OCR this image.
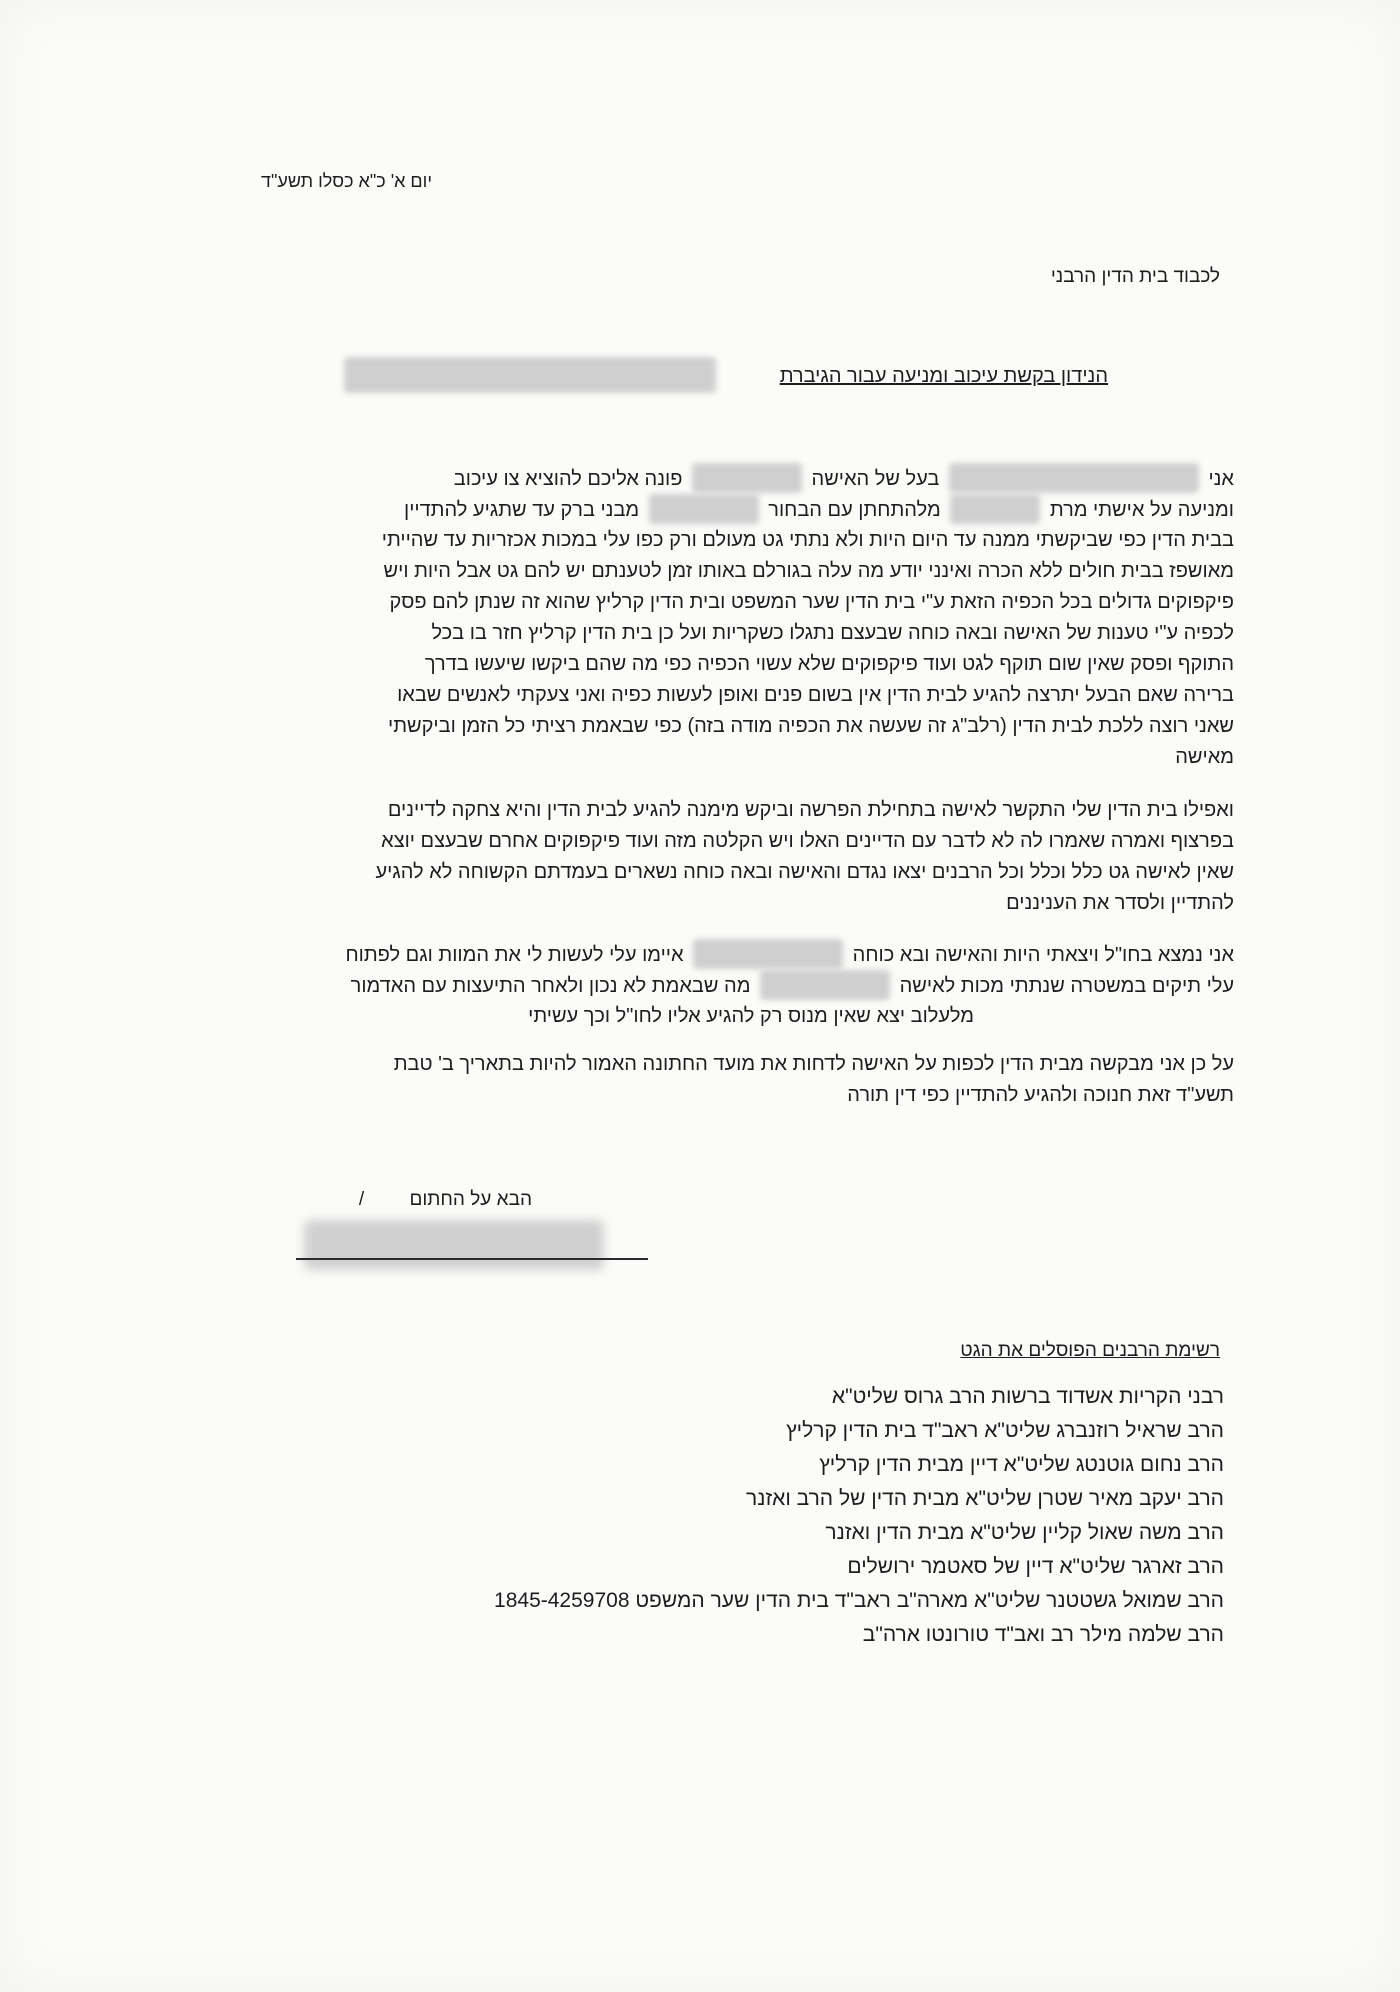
יום א' כ"א כסלו תשע"ד
לכבוד בית הדין הרבני
הנידון בקשת עיכוב ומניעה עבור הגיברת
אני  בעל של האישה  פונה אליכם להוציא צו עיכוב
ומניעה על אישתי מרת  מלהתחתן עם הבחור  מבני ברק עד שתגיע להתדיין
בבית הדין כפי שביקשתי ממנה עד היום היות ולא נתתי גט מעולם ורק כפו עלי במכות אכזריות עד שהייתי
מאושפז בבית חולים ללא הכרה ואינני יודע מה עלה בגורלם באותו זמן לטענתם יש להם גט אבל היות ויש
פיקפוקים גדולים בכל הכפיה הזאת ע"י בית הדין שער המשפט ובית הדין קרליץ שהוא זה שנתן להם פסק
לכפיה ע"י טענות של האישה ובאה כוחה שבעצם נתגלו כשקריות ועל כן בית הדין קרליץ חזר בו בכל
התוקף ופסק שאין שום תוקף לגט ועוד פיקפוקים שלא עשוי הכפיה כפי מה שהם ביקשו שיעשו בדרך
ברירה שאם הבעל יתרצה להגיע לבית הדין אין בשום פנים ואופן לעשות כפיה ואני צעקתי לאנשים שבאו
שאני רוצה ללכת לבית הדין (רלב"ג זה שעשה את הכפיה מודה בזה) כפי שבאמת רציתי כל הזמן וביקשתי
מאישה
ואפילו בית הדין שלי התקשר לאישה בתחילת הפרשה וביקש מימנה להגיע לבית הדין והיא צחקה לדיינים
בפרצוף ואמרה שאמרו לה לא לדבר עם הדיינים האלו ויש הקלטה מזה ועוד פיקפוקים אחרם שבעצם יוצא
שאין לאישה גט כלל וכלל וכל הרבנים יצאו נגדם והאישה ובאה כוחה נשארים בעמדתם הקשוחה לא להגיע
להתדיין ולסדר את העניננים
אני נמצא בחו"ל ויצאתי היות והאישה ובא כוחה  איימו עלי לעשות לי את המוות וגם לפתוח
עלי תיקים במשטרה שנתתי מכות לאישה  מה שבאמת לא נכון ולאחר התיעצות עם האדמור
מלעלוב יצא שאין מנוס רק להגיע אליו לחו"ל וכך עשיתי
על כן אני מבקשה מבית הדין לכפות על האישה לדחות את מועד החתונה האמור להיות בתאריך ב' טבת
תשע"ד זאת חנוכה ולהגיע להתדיין כפי דין תורה
הבא על החתום /
רשימת הרבנים הפוסלים את הגט
רבני הקריות אשדוד ברשות הרב גרוס שליט"א
הרב שראיל רוזנברג שליט"א ראב"ד בית הדין קרליץ
הרב נחום גוטנטג שליט"א דיין מבית הדין קרליץ
הרב יעקב מאיר שטרן שליט"א מבית הדין של הרב ואזנר
הרב משה שאול קליין שליט"א מבית הדין ואזנר
הרב זארגר שליט"א דיין של סאטמר ירושלים
הרב שמואל גשטטנר שליט"א מארה"ב ראב"ד בית הדין שער המשפט 1845-4259708
הרב שלמה מילר רב ואב"ד טורונטו ארה"ב
